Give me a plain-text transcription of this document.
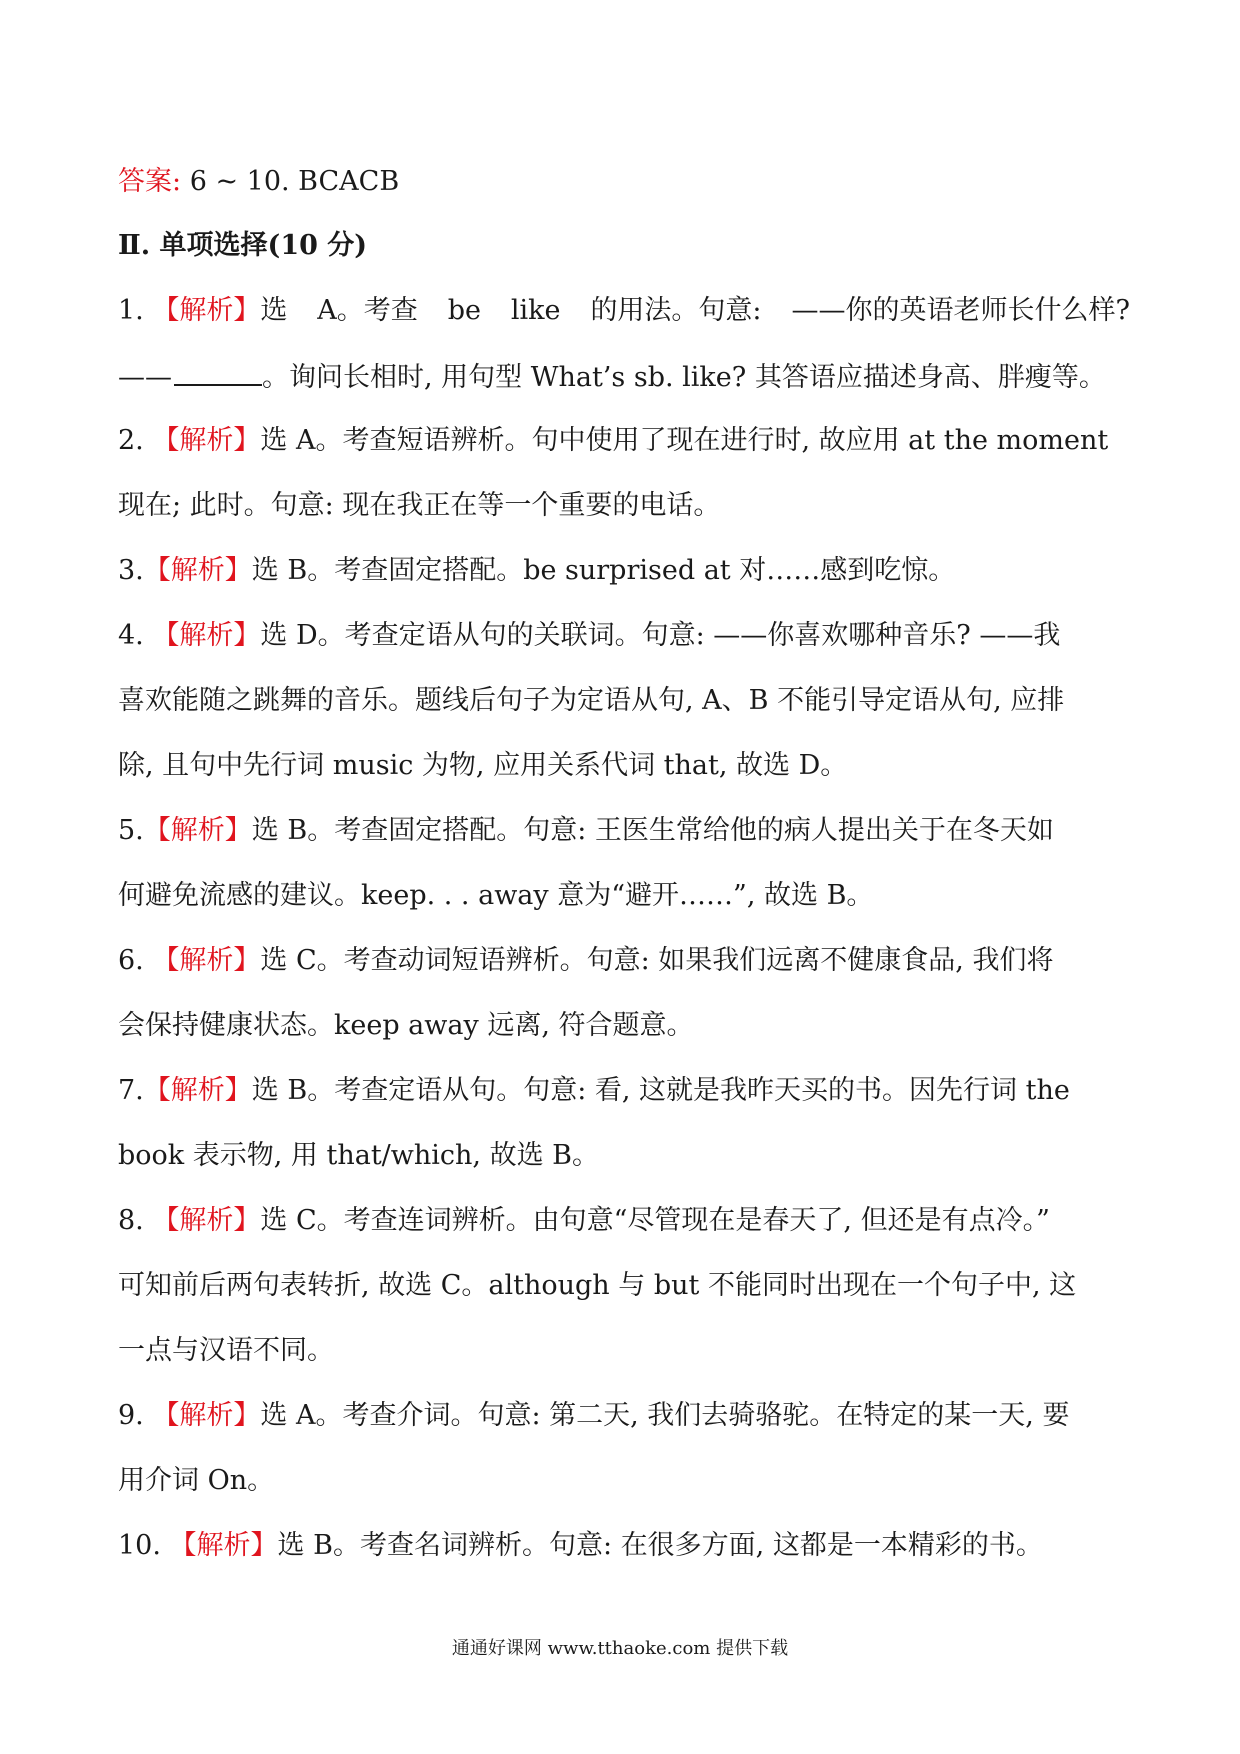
答案: 6 ~ 10. BCACB
Ⅱ. 单项选择(10 分)
1. 【解析】选 A。考查 be like 的用法。句意: ——你的英语老师长什么样?
——	。询问长相时, 用句型 What’s sb. like? 其答语应描述身高、胖瘦等。
2. 【解析】选 A。考查短语辨析。句中使用了现在进行时, 故应用 at the moment
现在; 此时。句意: 现在我正在等一个重要的电话。
3.【解析】选 B。考查固定搭配。be surprised at 对……感到吃惊。
4. 【解析】选 D。考查定语从句的关联词。句意: ——你喜欢哪种音乐? ——我
喜欢能随之跳舞的音乐。题线后句子为定语从句, A、B 不能引导定语从句, 应排
除, 且句中先行词 music 为物, 应用关系代词 that, 故选 D。
5.【解析】选 B。考查固定搭配。句意: 王医生常给他的病人提出关于在冬天如
何避免流感的建议。keep. . . away 意为“避开……”, 故选 B。
6. 【解析】选 C。考查动词短语辨析。句意: 如果我们远离不健康食品, 我们将
会保持健康状态。keep away 远离, 符合题意。
7.【解析】选 B。考查定语从句。句意: 看, 这就是我昨天买的书。因先行词 the
book 表示物, 用 that/which, 故选 B。
8. 【解析】选 C。考查连词辨析。由句意“尽管现在是春天了, 但还是有点冷。”
可知前后两句表转折, 故选 C。although 与 but 不能同时出现在一个句子中, 这
一点与汉语不同。
9. 【解析】选 A。考查介词。句意: 第二天, 我们去骑骆驼。在特定的某一天, 要
用介词 On。
10. 【解析】选 B。考查名词辨析。句意: 在很多方面, 这都是一本精彩的书。
通通好课网 www.tthaoke.com 提供下载
